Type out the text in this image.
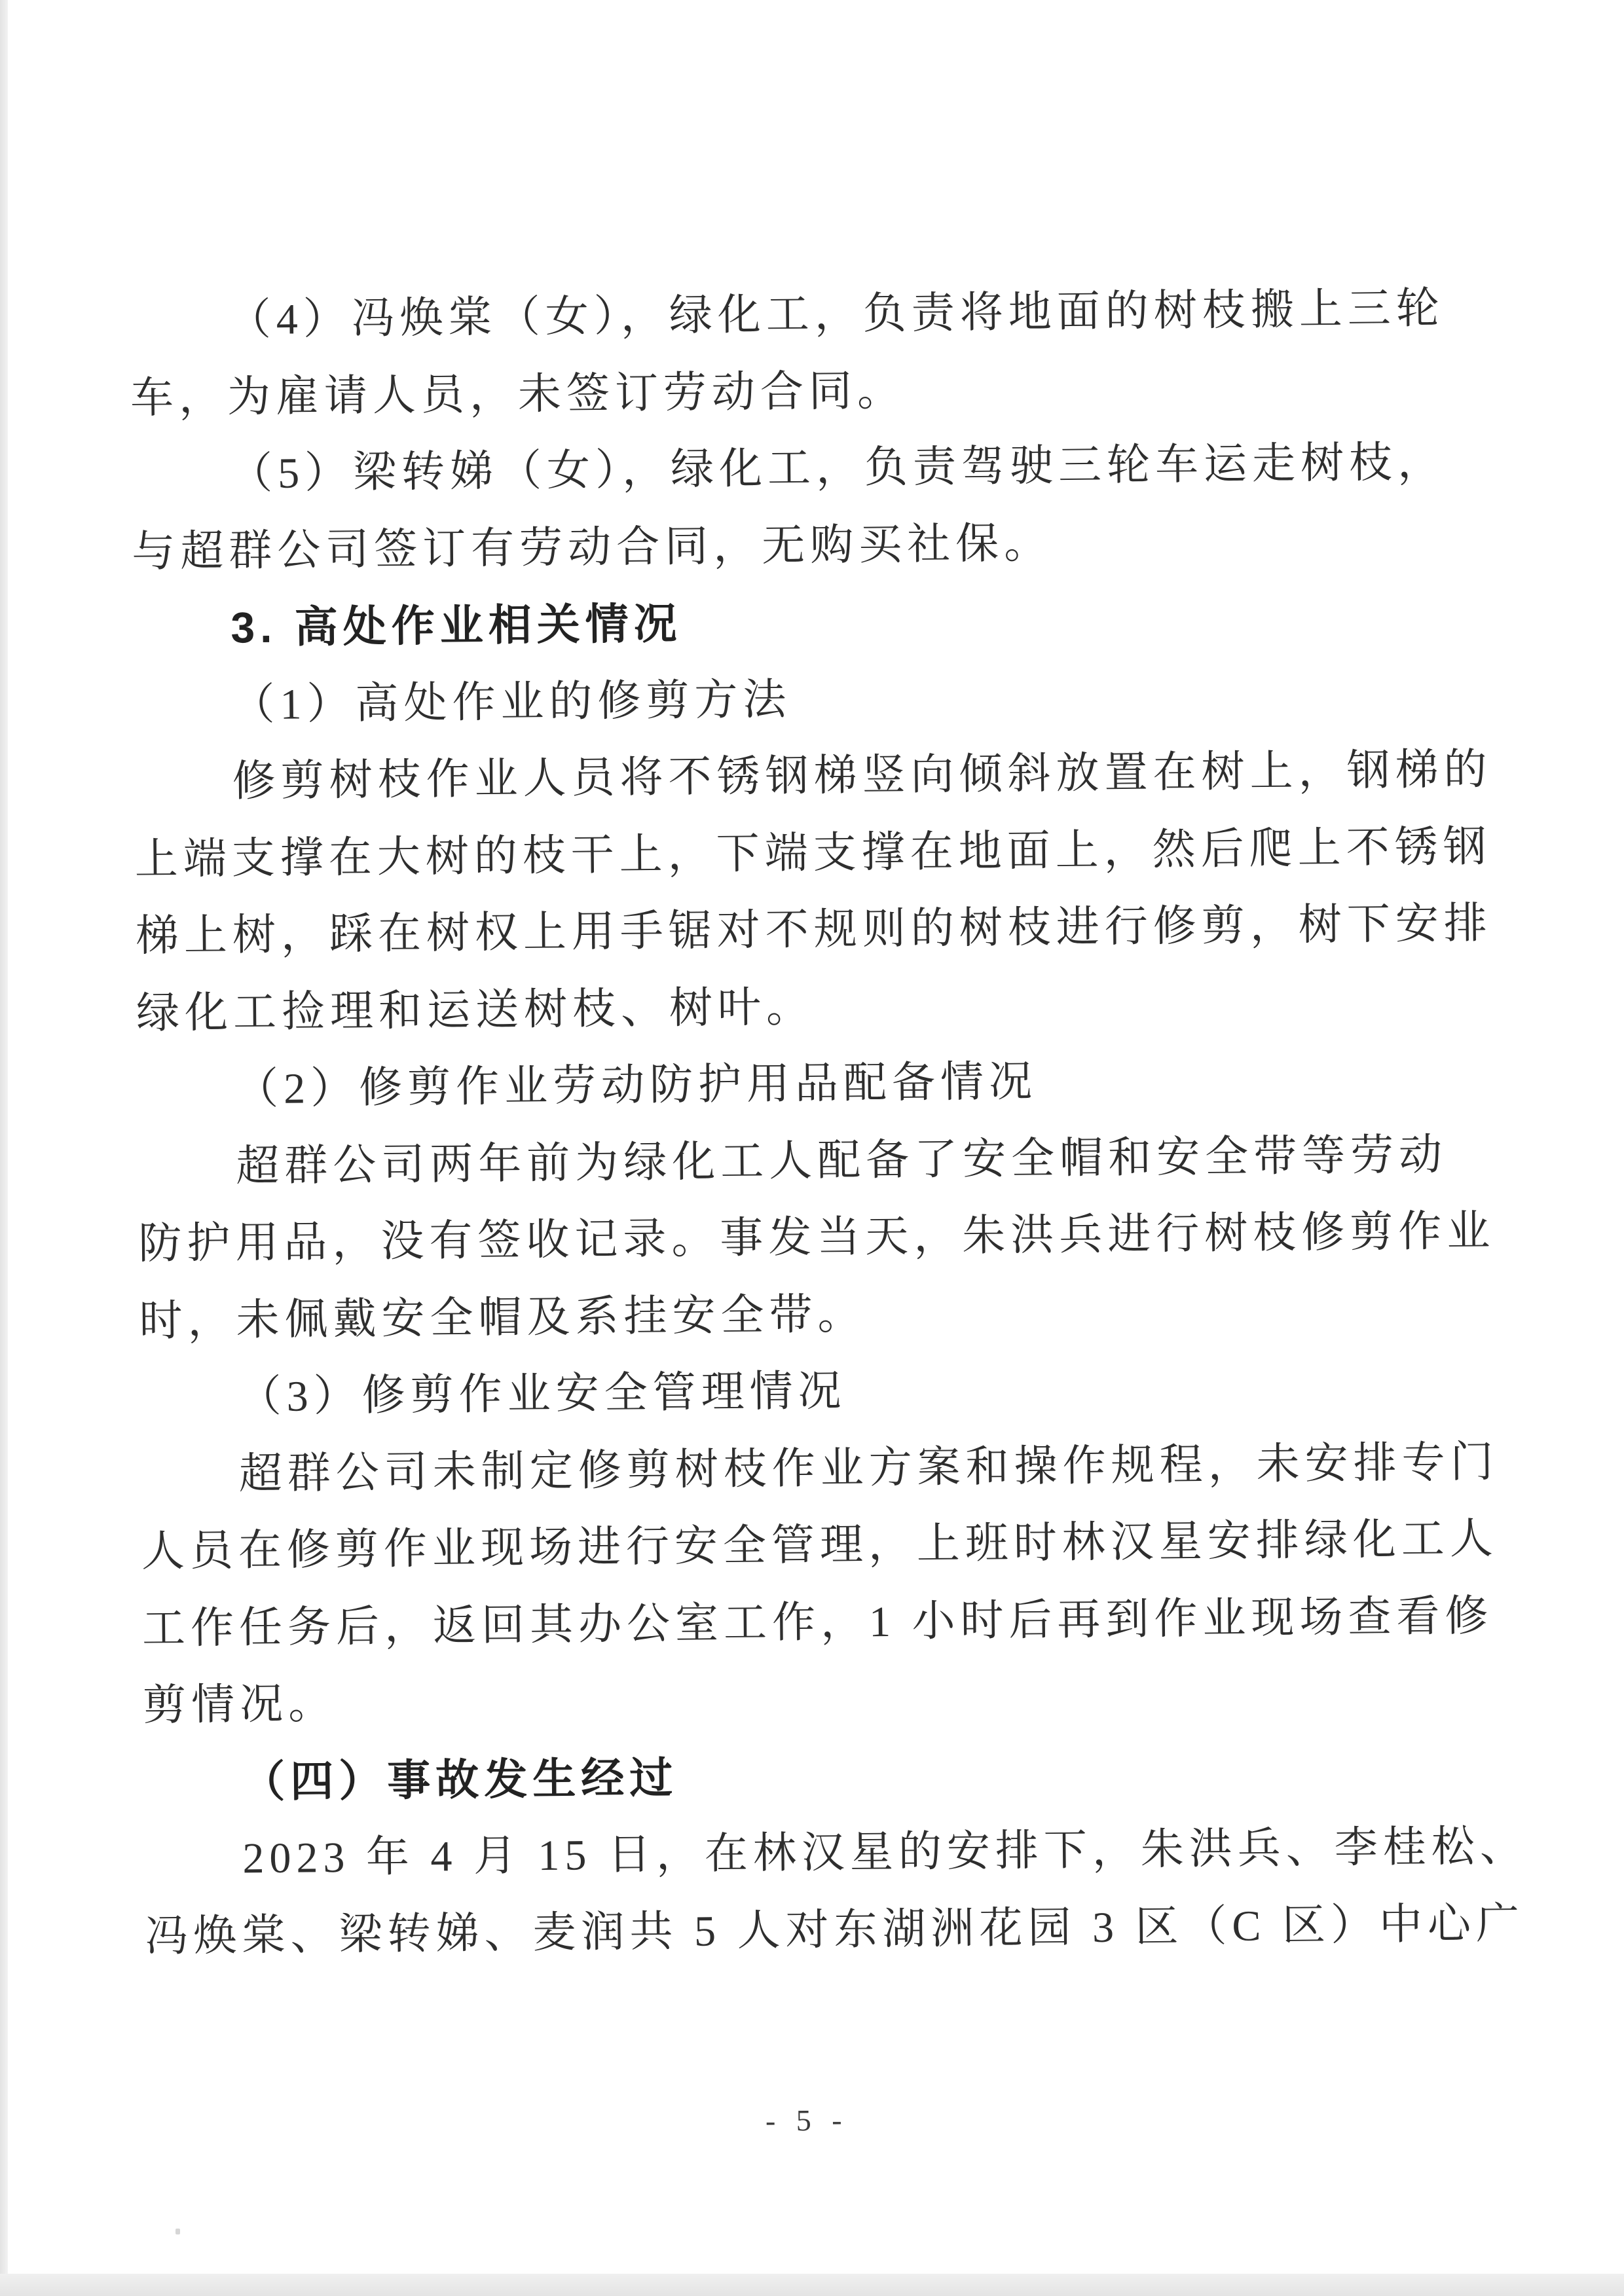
（4）冯焕棠（女），绿化工，负责将地面的树枝搬上三轮
车，为雇请人员，未签订劳动合同。
（5）梁转娣（女），绿化工，负责驾驶三轮车运走树枝，
与超群公司签订有劳动合同，无购买社保。
3. 高处作业相关情况
（1）高处作业的修剪方法
修剪树枝作业人员将不锈钢梯竖向倾斜放置在树上，钢梯的
上端支撑在大树的枝干上，下端支撑在地面上，然后爬上不锈钢
梯上树，踩在树权上用手锯对不规则的树枝进行修剪，树下安排
绿化工捡理和运送树枝、树叶。
（2）修剪作业劳动防护用品配备情况
超群公司两年前为绿化工人配备了安全帽和安全带等劳动
防护用品，没有签收记录。事发当天，朱洪兵进行树枝修剪作业
时，未佩戴安全帽及系挂安全带。
（3）修剪作业安全管理情况
超群公司未制定修剪树枝作业方案和操作规程，未安排专门
人员在修剪作业现场进行安全管理，上班时林汉星安排绿化工人
工作任务后，返回其办公室工作，1 小时后再到作业现场查看修
剪情况。
（四）事故发生经过
2023 年 4 月 15 日，在林汉星的安排下，朱洪兵、李桂松、
冯焕棠、梁转娣、麦润共 5 人对东湖洲花园 3 区（C 区）中心广
- 5 -
